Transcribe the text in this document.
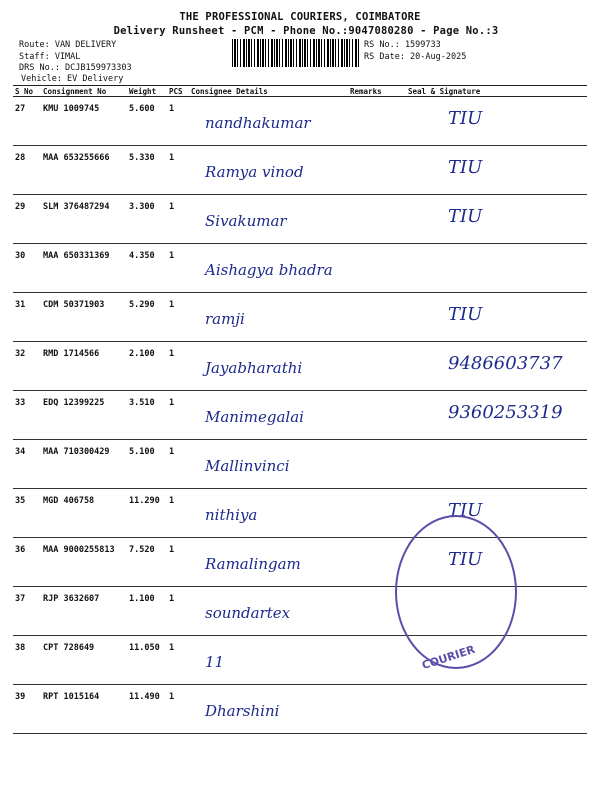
THE PROFESSIONAL COURIERS, COIMBATORE
Delivery Runsheet - PCM - Phone No.:9047080280 - Page No.:3
Route: VAN DELIVERY
Staff: VIMAL
DRS No.: DCJB159973303
Vehicle: EV Delivery
RS No.: 1599733
RS Date: 20-Aug-2025
S No	Consignment No	Weight	PCS	Consignee Details	Remarks	Seal & Signature
27	KMU 1009745	5.600	1	nandhakumar		TIU
28	MAA 653255666	5.330	1	Ramya vinod		TIU
29	SLM 376487294	3.300	1	Sivakumar		TIU
30	MAA 650331369	4.350	1	Aishagya bhadra		
31	CDM 50371903	5.290	1	ramji		TIU
32	RMD 1714566	2.100	1	Jayabharathi		9486603737
33	EDQ 12399225	3.510	1	Manimegalai		9360253319
34	MAA 710300429	5.100	1	Mallinvinci		
35	MGD 406758	11.290	1	nithiya		TIU
36	MAA 9000255813	7.520	1	Ramalingam		TIU
37	RJP 3632607	1.100	1	soundartex		
38	CPT 728649	11.050	1	11		
39	RPT 1015164	11.490	1	Dharshini		
COURIER
